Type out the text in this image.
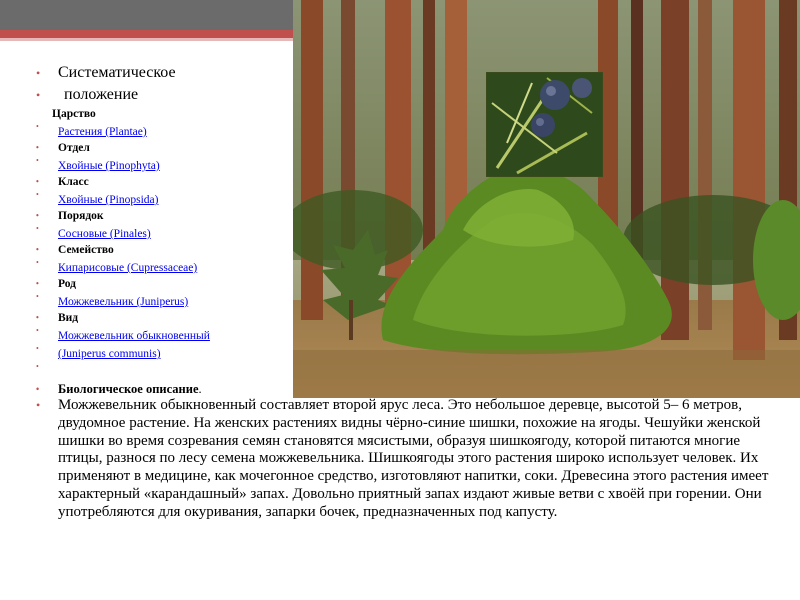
• Систематическое
• положение
Царство
• Растения (Plantae)
• Отдел
• Хвойные (Pinophyta)
• Класс
• Хвойные (Pinopsida)
• Порядок
• Сосновые (Pinales)
• Семейство
• Кипарисовые (Cupressaceae)
• Род
• Можжевельник (Juniperus)
• Вид
• Можжевельник обыкновенный
• (Juniperus communis)
•
• Биологическое описание.
• Можжевельник обыкновенный составляет второй ярус леса. Это небольшое деревце, высотой 5– 6 метров, двудомное растение. На женских растениях видны чёрно-синие шишки, похожие на ягоды. Чешуйки женской шишки во время созревания семян становятся мясистыми, образуя шишкоягоду, которой питаются многие птицы, разнося по лесу семена можжевельника. Шишкоягоды этого растения широко использует человек. Их применяют в медицине, как мочегонное средство, изготовляют напитки, соки. Древесина этого растения имеет характерный «карандашный» запах. Довольно приятный запах издают живые ветви с хвоёй при горении. Они употребляются для окуривания, запарки бочек, предназначенных под капусту.
